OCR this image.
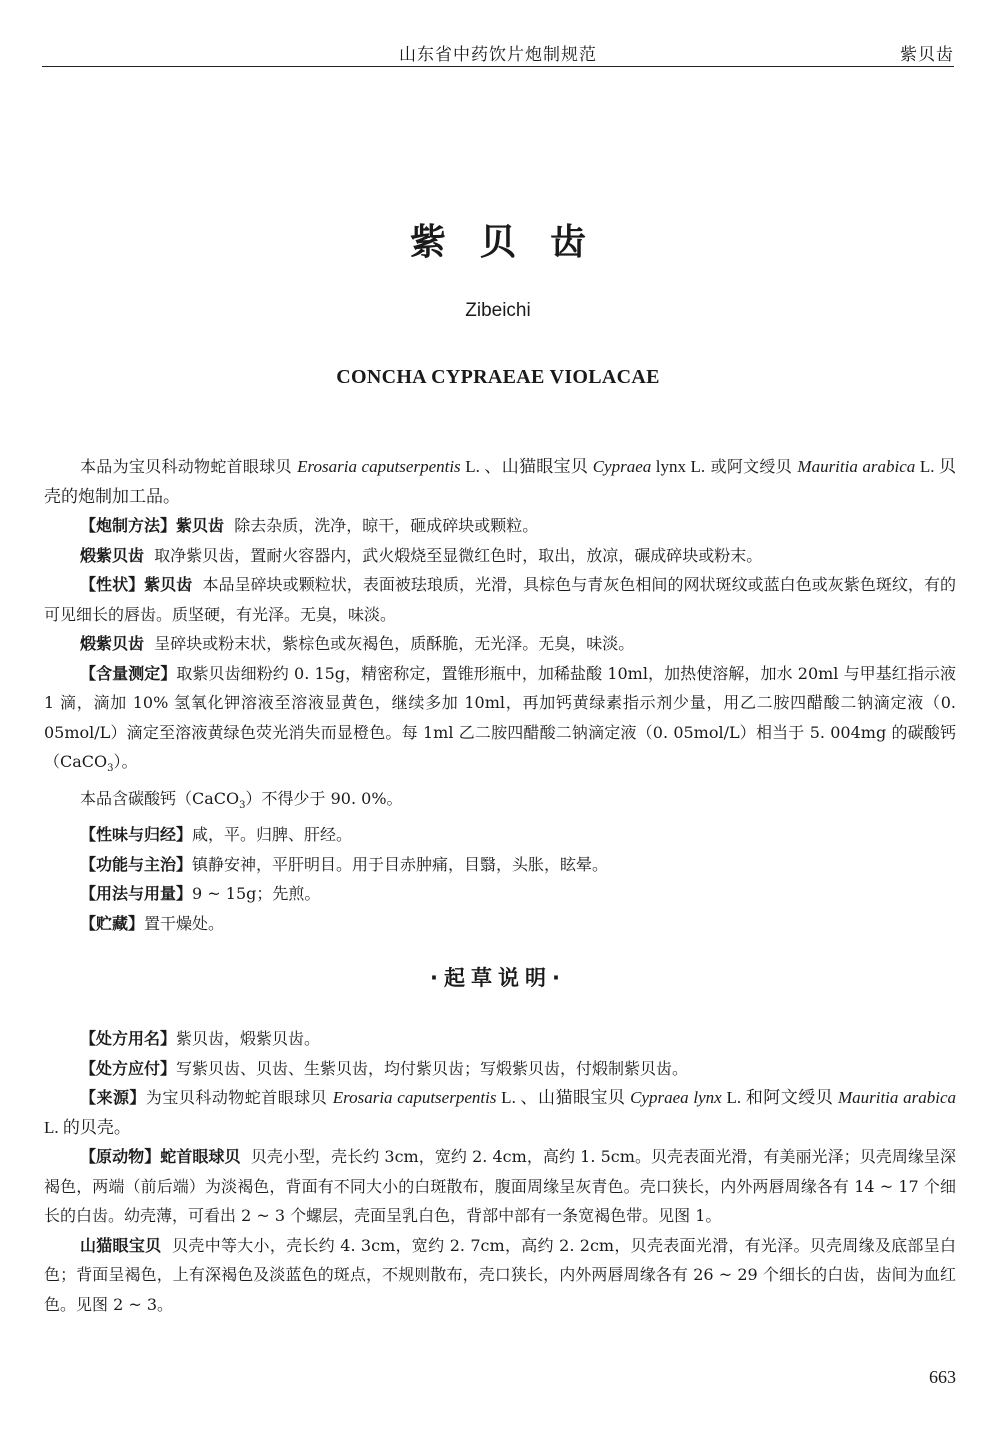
山东省中药饮片炮制规范	紫贝齿
紫贝齿
Zibeichi
CONCHA CYPRAEAE VIOLACAE

本品为宝贝科动物蛇首眼球贝 Erosaria caputserpentis L. 、山猫眼宝贝 Cypraea lynx L. 或阿文绶贝 Mauritia arabica L. 贝壳的炮制加工品。

【炮制方法】紫贝齿 除去杂质，洗净，晾干，砸成碎块或颗粒。

煅紫贝齿 取净紫贝齿，置耐火容器内，武火煅烧至显微红色时，取出，放凉，碾成碎块或粉末。

【性状】紫贝齿 本品呈碎块或颗粒状，表面被珐琅质，光滑，具棕色与青灰色相间的网状斑纹或蓝白色或灰紫色斑纹，有的可见细长的唇齿。质坚硬，有光泽。无臭，味淡。

煅紫贝齿 呈碎块或粉末状，紫棕色或灰褐色，质酥脆，无光泽。无臭，味淡。

【含量测定】取紫贝齿细粉约 0. 15g，精密称定，置锥形瓶中，加稀盐酸 10ml，加热使溶解，加水 20ml 与甲基红指示液 1 滴，滴加 10% 氢氧化钾溶液至溶液显黄色，继续多加 10ml，再加钙黄绿素指示剂少量，用乙二胺四醋酸二钠滴定液（0. 05mol/L）滴定至溶液黄绿色荧光消失而显橙色。每 1ml 乙二胺四醋酸二钠滴定液（0. 05mol/L）相当于 5. 004mg 的碳酸钙（CaCO$_3$）。

本品含碳酸钙（CaCO$_3$）不得少于 90. 0%。

【性味与归经】咸，平。归脾、肝经。

【功能与主治】镇静安神，平肝明目。用于目赤肿痛，目翳，头胀，眩晕。

【用法与用量】9 ~ 15g；先煎。

【贮藏】置干燥处。

·起草说明·

【处方用名】紫贝齿，煅紫贝齿。

【处方应付】写紫贝齿、贝齿、生紫贝齿，均付紫贝齿；写煅紫贝齿，付煅制紫贝齿。

【来源】为宝贝科动物蛇首眼球贝 Erosaria caputserpentis L. 、山猫眼宝贝 Cypraea lynx L. 和阿文绶贝 Mauritia arabica L. 的贝壳。

【原动物】蛇首眼球贝 贝壳小型，壳长约 3cm，宽约 2. 4cm，高约 1. 5cm。贝壳表面光滑，有美丽光泽；贝壳周缘呈深褐色，两端（前后端）为淡褐色，背面有不同大小的白斑散布，腹面周缘呈灰青色。壳口狭长，内外两唇周缘各有 14 ~ 17 个细长的白齿。幼壳薄，可看出 2 ~ 3 个螺层，壳面呈乳白色，背部中部有一条宽褐色带。见图 1。

山猫眼宝贝 贝壳中等大小，壳长约 4. 3cm，宽约 2. 7cm，高约 2. 2cm，贝壳表面光滑，有光泽。贝壳周缘及底部呈白色；背面呈褐色，上有深褐色及淡蓝色的斑点，不规则散布，壳口狭长，内外两唇周缘各有 26 ~ 29 个细长的白齿，齿间为血红色。见图 2 ~ 3。

663
